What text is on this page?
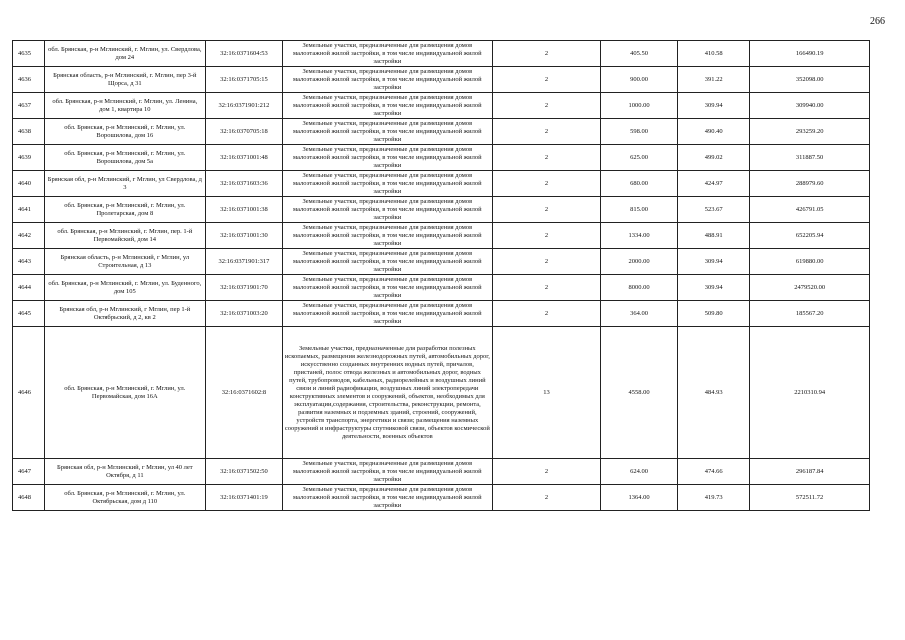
266
4635	обл. Брянская, р-н Мглинский, г. Мглин, ул. Свердлова, дом 24	32:16:0371604:53	Земельные участки, предназначенные для размещения домов малоэтажной жилой застройки, в том числе индивидуальной жилой застройки	2	405.50	410.58	166490.19
4636	Брянская область, р-н Мглинский, г. Мглин, пер 3-й Щорса, д 31	32:16:0371705:15	Земельные участки, предназначенные для размещения домов малоэтажной жилой застройки, в том числе индивидуальной жилой застройки	2	900.00	391.22	352098.00
4637	обл. Брянская, р-н Мглинский, г. Мглин, ул. Ленина, дом 1, квартира 10	32:16:0371901:212	Земельные участки, предназначенные для размещения домов малоэтажной жилой застройки, в том числе индивидуальной жилой застройки	2	1000.00	309.94	309940.00
4638	обл. Брянская, р-н Мглинский, г. Мглин, ул. Ворошилова, дом 16	32:16:0370705:18	Земельные участки, предназначенные для размещения домов малоэтажной жилой застройки, в том числе индивидуальной жилой застройки	2	598.00	490.40	293259.20
4639	обл. Брянская, р-н Мглинский, г. Мглин, ул. Ворошилова, дом 5а	32:16:0371001:48	Земельные участки, предназначенные для размещения домов малоэтажной жилой застройки, в том числе индивидуальной жилой застройки	2	625.00	499.02	311887.50
4640	Брянская обл, р-н Мглинский, г Мглин, ул Свердлова, д 3	32:16:0371603:36	Земельные участки, предназначенные для размещения домов малоэтажной жилой застройки, в том числе индивидуальной жилой застройки	2	680.00	424.97	288979.60
4641	обл. Брянская, р-н Мглинский, г. Мглин, ул. Пролетарская, дом 8	32:16:0371001:38	Земельные участки, предназначенные для размещения домов малоэтажной жилой застройки, в том числе индивидуальной жилой застройки	2	815.00	523.67	426791.05
4642	обл. Брянская, р-н Мглинский, г. Мглин, пер. 1-й Первомайский, дом 14	32:16:0371001:30	Земельные участки, предназначенные для размещения домов малоэтажной жилой застройки, в том числе индивидуальной жилой застройки	2	1334.00	488.91	652205.94
4643	Брянская область, р-н Мглинский, г Мглин, ул Строительная, д 13	32:16:0371901:317	Земельные участки, предназначенные для размещения домов малоэтажной жилой застройки, в том числе индивидуальной жилой застройки	2	2000.00	309.94	619880.00
4644	обл. Брянская, р-н Мглинский, г. Мглин, ул. Буденного, дом 105	32:16:0371901:70	Земельные участки, предназначенные для размещения домов малоэтажной жилой застройки, в том числе индивидуальной жилой застройки	2	8000.00	309.94	2479520.00
4645	Брянская обл, р-н Мглинский, г Мглин, пер 1-й Октябрьский, д 2, кв 2	32:16:0371003:20	Земельные участки, предназначенные для размещения домов малоэтажной жилой застройки, в том числе индивидуальной жилой застройки	2	364.00	509.80	185567.20
4646	обл. Брянская, р-н Мглинский, г. Мглин, ул. Первомайская, дом 16А	32:16:0371602:8	Земельные участки, предназначенные для разработки полезных ископаемых, размещения железнодорожных путей, автомобильных дорог, искусственно созданных внутренних водных путей, причалов, пристаней, полос отвода железных и автомобильных дорог, водных путей, трубопроводов, кабельных, радиорелейных и воздушных линий связи и линий радиофикации, воздушных линий электропередачи конструктивных элементов и сооружений, объектов, необходимых для эксплуатации,содержания, строительства, реконструкции, ремонта, развития наземных и подземных зданий, строений, сооружений, устройств транспорта, энергетики и связи; размещения наземных сооружений и инфраструктуры спутниковой связи, объектов космической деятельности, военных объектов	13	4558.00	484.93	2210310.94
4647	Брянская обл, р-н Мглинский, г Мглин, ул 40 лет Октября, д 11	32:16:0371502:50	Земельные участки, предназначенные для размещения домов малоэтажной жилой застройки, в том числе индивидуальной жилой застройки	2	624.00	474.66	296187.84
4648	обл. Брянская, р-н Мглинский, г. Мглин, ул. Октябрьская, дом д 110	32:16:0371401:19	Земельные участки, предназначенные для размещения домов малоэтажной жилой застройки, в том числе индивидуальной жилой застройки	2	1364.00	419.73	572511.72
